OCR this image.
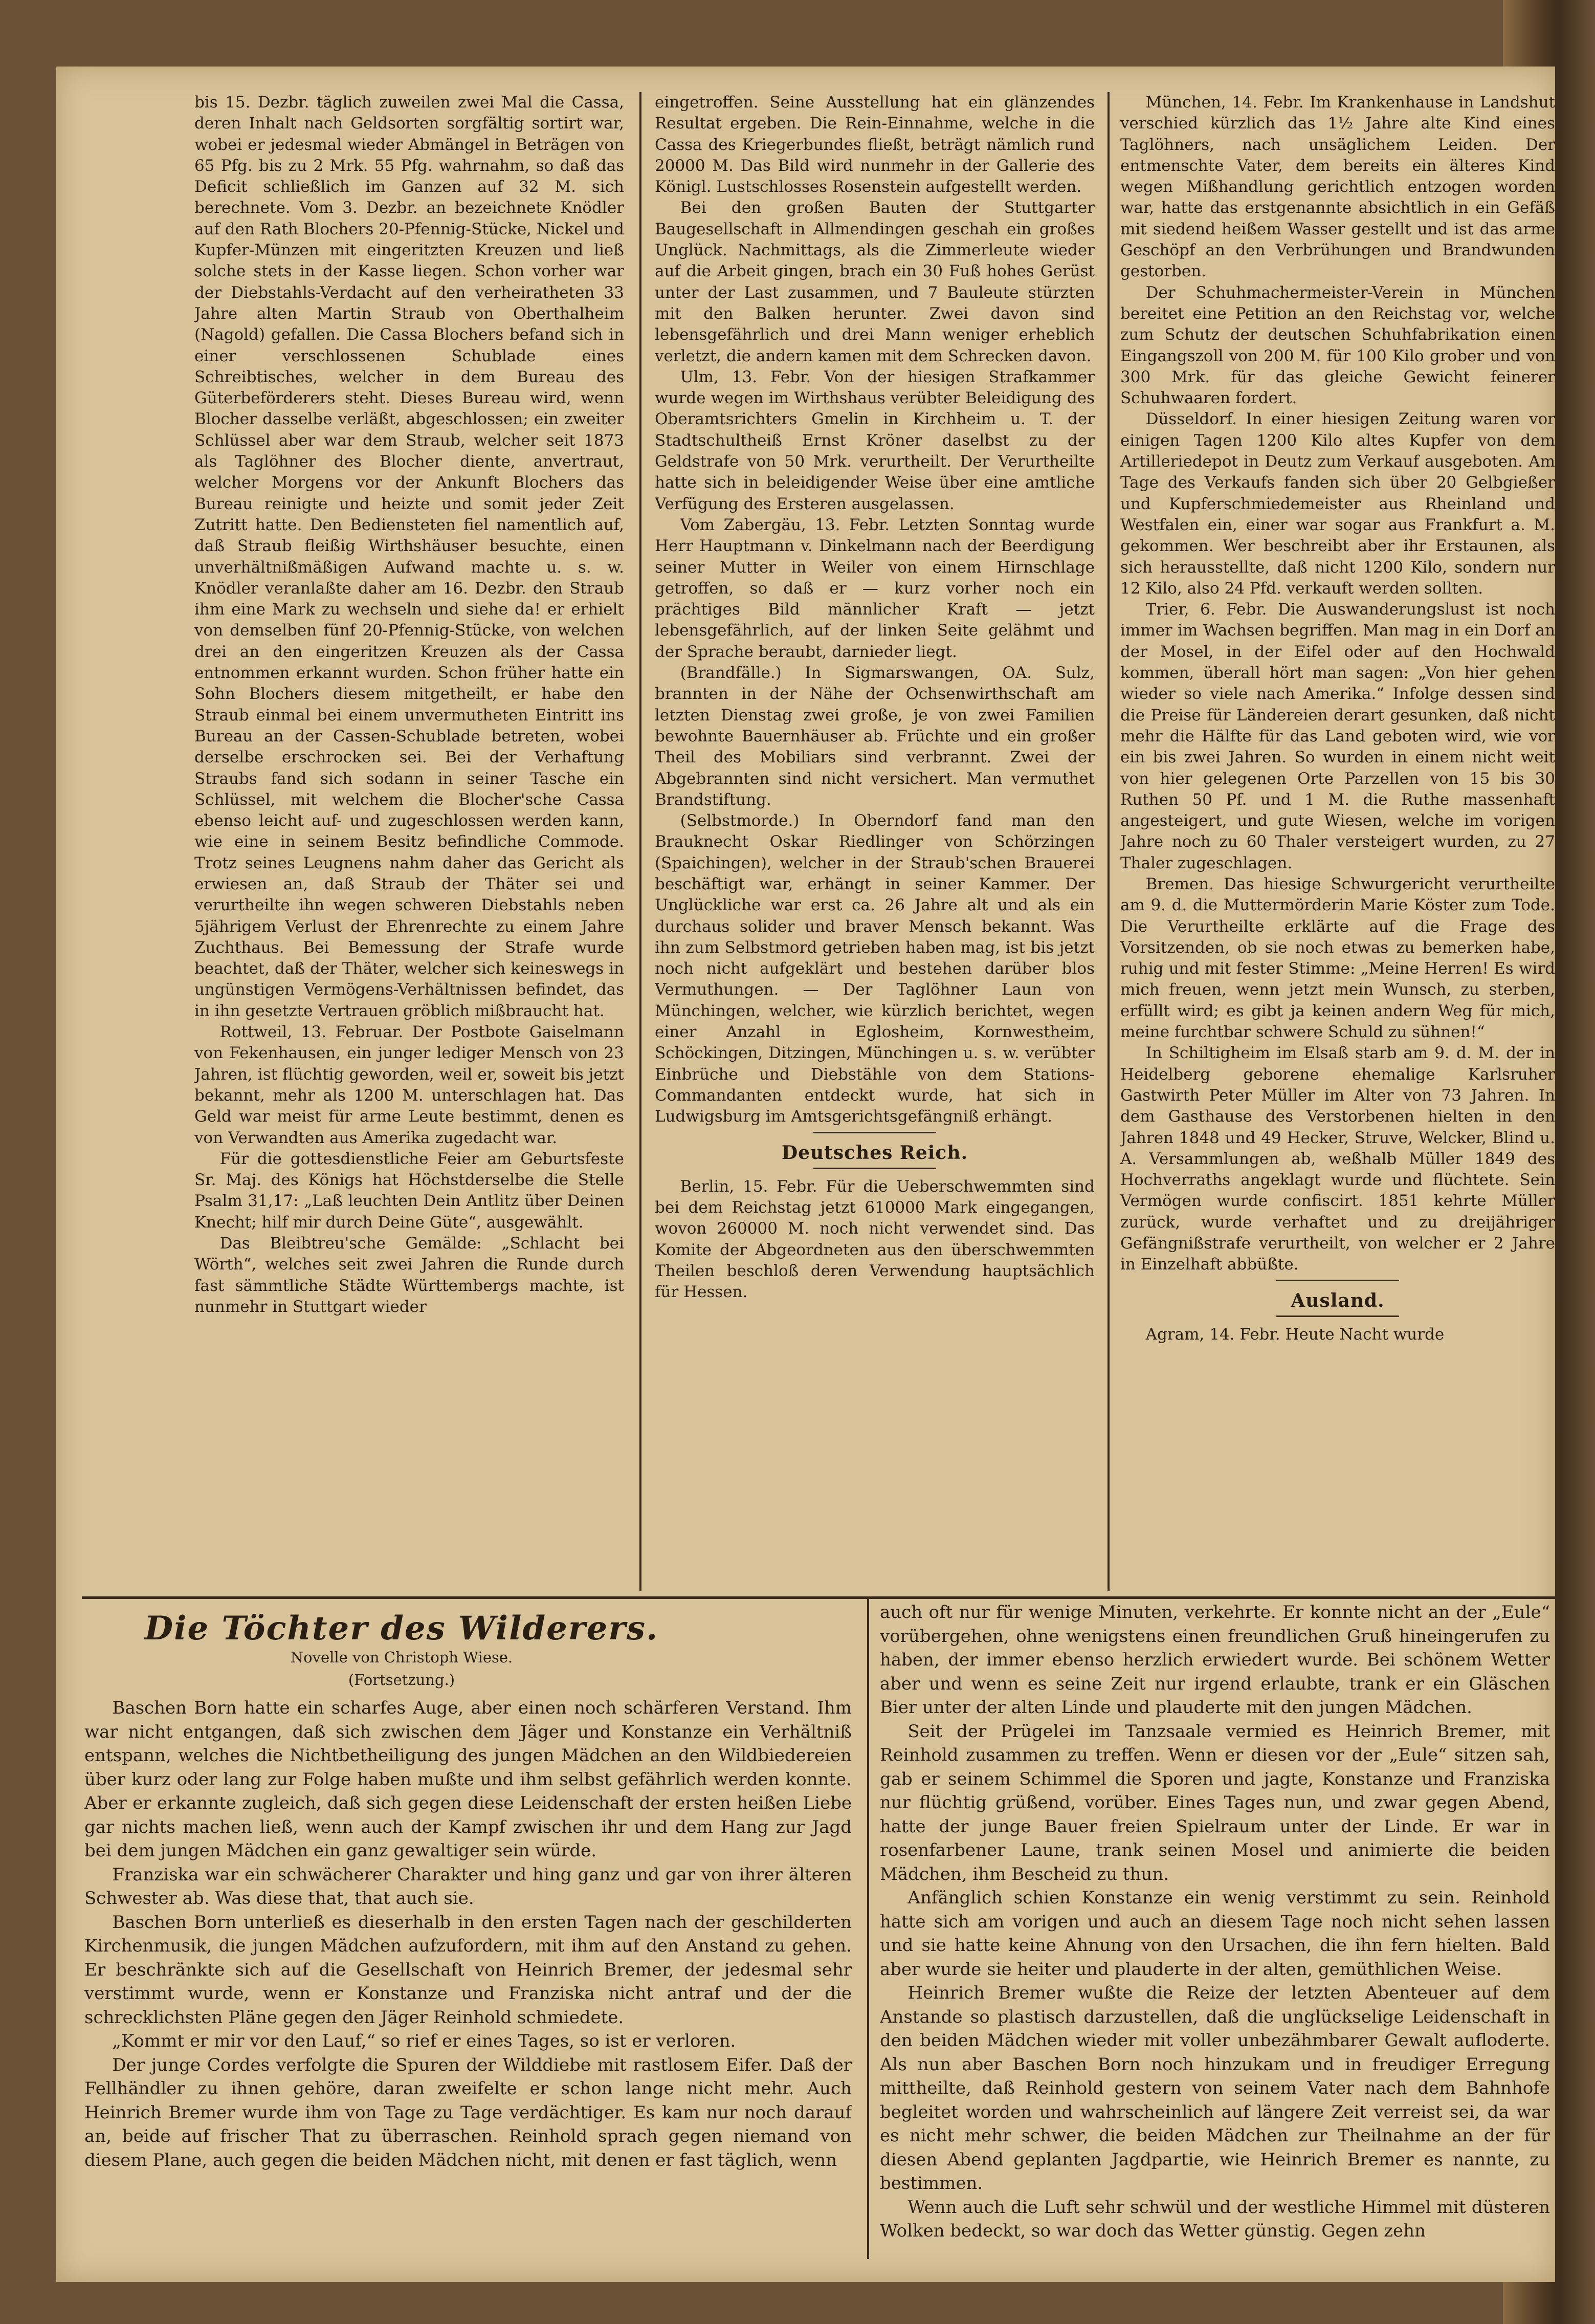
bis 15. Dezbr. täglich zuweilen zwei Mal die Cassa, deren Inhalt nach Geldsorten sorgfältig sortirt war, wobei er jedesmal wieder Abmängel in Beträgen von 65 Pfg. bis zu 2 Mrk. 55 Pfg. wahrnahm, so daß das Deficit schließlich im Ganzen auf 32 M. sich berechnete. Vom 3. Dezbr. an bezeichnete Knödler auf den Rath Blochers 20-Pfennig-Stücke, Nickel und Kupfer-Münzen mit eingeritzten Kreuzen und ließ solche stets in der Kasse liegen. Schon vorher war der Diebstahls-Verdacht auf den verheiratheten 33 Jahre alten Martin Straub von Oberthalheim (Nagold) gefallen. Die Cassa Blochers befand sich in einer verschlossenen Schublade eines Schreibtisches, welcher in dem Bureau des Güterbeförderers steht. Dieses Bureau wird, wenn Blocher dasselbe verläßt, abgeschlossen; ein zweiter Schlüssel aber war dem Straub, welcher seit 1873 als Taglöhner des Blocher diente, anvertraut, welcher Morgens vor der Ankunft Blochers das Bureau reinigte und heizte und somit jeder Zeit Zutritt hatte. Den Bediensteten fiel namentlich auf, daß Straub fleißig Wirthshäuser besuchte, einen unverhältnißmäßigen Aufwand machte u. s. w. Knödler veranlaßte daher am 16. Dezbr. den Straub ihm eine Mark zu wechseln und siehe da! er erhielt von demselben fünf 20-Pfennig-Stücke, von welchen drei an den eingeritzen Kreuzen als der Cassa entnommen erkannt wurden. Schon früher hatte ein Sohn Blochers diesem mitgetheilt, er habe den Straub einmal bei einem unvermutheten Eintritt ins Bureau an der Cassen-Schublade betreten, wobei derselbe erschrocken sei. Bei der Verhaftung Straubs fand sich sodann in seiner Tasche ein Schlüssel, mit welchem die Blocher'sche Cassa ebenso leicht auf- und zugeschlossen werden kann, wie eine in seinem Besitz befindliche Commode. Trotz seines Leugnens nahm daher das Gericht als erwiesen an, daß Straub der Thäter sei und verurtheilte ihn wegen schweren Diebstahls neben 5jährigem Verlust der Ehrenrechte zu einem Jahre Zuchthaus. Bei Bemessung der Strafe wurde beachtet, daß der Thäter, welcher sich keineswegs in ungünstigen Vermögens-Verhältnissen befindet, das in ihn gesetzte Vertrauen gröblich mißbraucht hat.

Rottweil, 13. Februar. Der Postbote Gaiselmann von Fekenhausen, ein junger lediger Mensch von 23 Jahren, ist flüchtig geworden, weil er, soweit bis jetzt bekannt, mehr als 1200 M. unterschlagen hat. Das Geld war meist für arme Leute bestimmt, denen es von Verwandten aus Amerika zugedacht war.

Für die gottesdienstliche Feier am Geburtsfeste Sr. Maj. des Königs hat Höchstderselbe die Stelle Psalm 31,17: „Laß leuchten Dein Antlitz über Deinen Knecht; hilf mir durch Deine Güte“, ausgewählt.

Das Bleibtreu'sche Gemälde: „Schlacht bei Wörth“, welches seit zwei Jahren die Runde durch fast sämmtliche Städte Württembergs machte, ist nunmehr in Stuttgart wieder

eingetroffen. Seine Ausstellung hat ein glänzendes Resultat ergeben. Die Rein-Einnahme, welche in die Cassa des Kriegerbundes fließt, beträgt nämlich rund 20000 M. Das Bild wird nunmehr in der Gallerie des Königl. Lustschlosses Rosenstein aufgestellt werden.

Bei den großen Bauten der Stuttgarter Baugesellschaft in Allmendingen geschah ein großes Unglück. Nachmittags, als die Zimmerleute wieder auf die Arbeit gingen, brach ein 30 Fuß hohes Gerüst unter der Last zusammen, und 7 Bauleute stürzten mit den Balken herunter. Zwei davon sind lebensgefährlich und drei Mann weniger erheblich verletzt, die andern kamen mit dem Schrecken davon.

Ulm, 13. Febr. Von der hiesigen Strafkammer wurde wegen im Wirthshaus verübter Beleidigung des Oberamtsrichters Gmelin in Kirchheim u. T. der Stadtschultheiß Ernst Kröner daselbst zu der Geldstrafe von 50 Mrk. verurtheilt. Der Verurtheilte hatte sich in beleidigender Weise über eine amtliche Verfügung des Ersteren ausgelassen.

Vom Zabergäu, 13. Febr. Letzten Sonntag wurde Herr Hauptmann v. Dinkelmann nach der Beerdigung seiner Mutter in Weiler von einem Hirnschlage getroffen, so daß er — kurz vorher noch ein prächtiges Bild männlicher Kraft — jetzt lebensgefährlich, auf der linken Seite gelähmt und der Sprache beraubt, darnieder liegt.

(Brandfälle.) In Sigmarswangen, OA. Sulz, brannten in der Nähe der Ochsenwirthschaft am letzten Dienstag zwei große, je von zwei Familien bewohnte Bauernhäuser ab. Früchte und ein großer Theil des Mobiliars sind verbrannt. Zwei der Abgebrannten sind nicht versichert. Man vermuthet Brandstiftung.

(Selbstmorde.) In Oberndorf fand man den Brauknecht Oskar Riedlinger von Schörzingen (Spaichingen), welcher in der Straub'schen Brauerei beschäftigt war, erhängt in seiner Kammer. Der Unglückliche war erst ca. 26 Jahre alt und als ein durchaus solider und braver Mensch bekannt. Was ihn zum Selbstmord getrieben haben mag, ist bis jetzt noch nicht aufgeklärt und bestehen darüber blos Vermuthungen. — Der Taglöhner Laun von Münchingen, welcher, wie kürzlich berichtet, wegen einer Anzahl in Eglosheim, Kornwestheim, Schöckingen, Ditzingen, Münchingen u. s. w. verübter Einbrüche und Diebstähle von dem Stations-Commandanten entdeckt wurde, hat sich in Ludwigsburg im Amtsgerichtsgefängniß erhängt.

Deutsches Reich.

Berlin, 15. Febr. Für die Ueberschwemmten sind bei dem Reichstag jetzt 610000 Mark eingegangen, wovon 260000 M. noch nicht verwendet sind. Das Komite der Abgeordneten aus den überschwemmten Theilen beschloß deren Verwendung hauptsächlich für Hessen.

München, 14. Febr. Im Krankenhause in Landshut verschied kürzlich das 1½ Jahre alte Kind eines Taglöhners, nach unsäglichem Leiden. Der entmenschte Vater, dem bereits ein älteres Kind wegen Mißhandlung gerichtlich entzogen worden war, hatte das erstgenannte absichtlich in ein Gefäß mit siedend heißem Wasser gestellt und ist das arme Geschöpf an den Verbrühungen und Brandwunden gestorben.

Der Schuhmachermeister-Verein in München bereitet eine Petition an den Reichstag vor, welche zum Schutz der deutschen Schuhfabrikation einen Eingangszoll von 200 M. für 100 Kilo grober und von 300 Mrk. für das gleiche Gewicht feinerer Schuhwaaren fordert.

Düsseldorf. In einer hiesigen Zeitung waren vor einigen Tagen 1200 Kilo altes Kupfer von dem Artilleriedepot in Deutz zum Verkauf ausgeboten. Am Tage des Verkaufs fanden sich über 20 Gelbgießer und Kupferschmiedemeister aus Rheinland und Westfalen ein, einer war sogar aus Frankfurt a. M. gekommen. Wer beschreibt aber ihr Erstaunen, als sich herausstellte, daß nicht 1200 Kilo, sondern nur 12 Kilo, also 24 Pfd. verkauft werden sollten.

Trier, 6. Febr. Die Auswanderungslust ist noch immer im Wachsen begriffen. Man mag in ein Dorf an der Mosel, in der Eifel oder auf den Hochwald kommen, überall hört man sagen: „Von hier gehen wieder so viele nach Amerika.“ Infolge dessen sind die Preise für Ländereien derart gesunken, daß nicht mehr die Hälfte für das Land geboten wird, wie vor ein bis zwei Jahren. So wurden in einem nicht weit von hier gelegenen Orte Parzellen von 15 bis 30 Ruthen 50 Pf. und 1 M. die Ruthe massenhaft angesteigert, und gute Wiesen, welche im vorigen Jahre noch zu 60 Thaler versteigert wurden, zu 27 Thaler zugeschlagen.

Bremen. Das hiesige Schwurgericht verurtheilte am 9. d. die Muttermörderin Marie Köster zum Tode. Die Verurtheilte erklärte auf die Frage des Vorsitzenden, ob sie noch etwas zu bemerken habe, ruhig und mit fester Stimme: „Meine Herren! Es wird mich freuen, wenn jetzt mein Wunsch, zu sterben, erfüllt wird; es gibt ja keinen andern Weg für mich, meine furchtbar schwere Schuld zu sühnen!“

In Schiltigheim im Elsaß starb am 9. d. M. der in Heidelberg geborene ehemalige Karlsruher Gastwirth Peter Müller im Alter von 73 Jahren. In dem Gasthause des Verstorbenen hielten in den Jahren 1848 und 49 Hecker, Struve, Welcker, Blind u. A. Versammlungen ab, weßhalb Müller 1849 des Hochverraths angeklagt wurde und flüchtete. Sein Vermögen wurde confiscirt. 1851 kehrte Müller zurück, wurde verhaftet und zu dreijähriger Gefängnißstrafe verurtheilt, von welcher er 2 Jahre in Einzelhaft abbüßte.

Ausland.

Agram, 14. Febr. Heute Nacht wurde

Die Töchter des Wilderers.
Novelle von Christoph Wiese.
(Fortsetzung.)

Baschen Born hatte ein scharfes Auge, aber einen noch schärferen Verstand. Ihm war nicht entgangen, daß sich zwischen dem Jäger und Konstanze ein Verhältniß entspann, welches die Nichtbetheiligung des jungen Mädchen an den Wildbiedereien über kurz oder lang zur Folge haben mußte und ihm selbst gefährlich werden konnte. Aber er erkannte zugleich, daß sich gegen diese Leidenschaft der ersten heißen Liebe gar nichts machen ließ, wenn auch der Kampf zwischen ihr und dem Hang zur Jagd bei dem jungen Mädchen ein ganz gewaltiger sein würde.

Franziska war ein schwächerer Charakter und hing ganz und gar von ihrer älteren Schwester ab. Was diese that, that auch sie.

Baschen Born unterließ es dieserhalb in den ersten Tagen nach der geschilderten Kirchenmusik, die jungen Mädchen aufzufordern, mit ihm auf den Anstand zu gehen. Er beschränkte sich auf die Gesellschaft von Heinrich Bremer, der jedesmal sehr verstimmt wurde, wenn er Konstanze und Franziska nicht antraf und der die schrecklichsten Pläne gegen den Jäger Reinhold schmiedete.

„Kommt er mir vor den Lauf,“ so rief er eines Tages, so ist er verloren.

Der junge Cordes verfolgte die Spuren der Wilddiebe mit rastlosem Eifer. Daß der Fellhändler zu ihnen gehöre, daran zweifelte er schon lange nicht mehr. Auch Heinrich Bremer wurde ihm von Tage zu Tage verdächtiger. Es kam nur noch darauf an, beide auf frischer That zu überraschen. Reinhold sprach gegen niemand von diesem Plane, auch gegen die beiden Mädchen nicht, mit denen er fast täglich, wenn

auch oft nur für wenige Minuten, verkehrte. Er konnte nicht an der „Eule“ vorübergehen, ohne wenigstens einen freundlichen Gruß hineingerufen zu haben, der immer ebenso herzlich erwiedert wurde. Bei schönem Wetter aber und wenn es seine Zeit nur irgend erlaubte, trank er ein Gläschen Bier unter der alten Linde und plauderte mit den jungen Mädchen.

Seit der Prügelei im Tanzsaale vermied es Heinrich Bremer, mit Reinhold zusammen zu treffen. Wenn er diesen vor der „Eule“ sitzen sah, gab er seinem Schimmel die Sporen und jagte, Konstanze und Franziska nur flüchtig grüßend, vorüber. Eines Tages nun, und zwar gegen Abend, hatte der junge Bauer freien Spielraum unter der Linde. Er war in rosenfarbener Laune, trank seinen Mosel und animierte die beiden Mädchen, ihm Bescheid zu thun.

Anfänglich schien Konstanze ein wenig verstimmt zu sein. Reinhold hatte sich am vorigen und auch an diesem Tage noch nicht sehen lassen und sie hatte keine Ahnung von den Ursachen, die ihn fern hielten. Bald aber wurde sie heiter und plauderte in der alten, gemüthlichen Weise.

Heinrich Bremer wußte die Reize der letzten Abenteuer auf dem Anstande so plastisch darzustellen, daß die unglückselige Leidenschaft in den beiden Mädchen wieder mit voller unbezähmbarer Gewalt aufloderte. Als nun aber Baschen Born noch hinzukam und in freudiger Erregung mittheilte, daß Reinhold gestern von seinem Vater nach dem Bahnhofe begleitet worden und wahrscheinlich auf längere Zeit verreist sei, da war es nicht mehr schwer, die beiden Mädchen zur Theilnahme an der für diesen Abend geplanten Jagdpartie, wie Heinrich Bremer es nannte, zu bestimmen.

Wenn auch die Luft sehr schwül und der westliche Himmel mit düsteren Wolken bedeckt, so war doch das Wetter günstig. Gegen zehn
